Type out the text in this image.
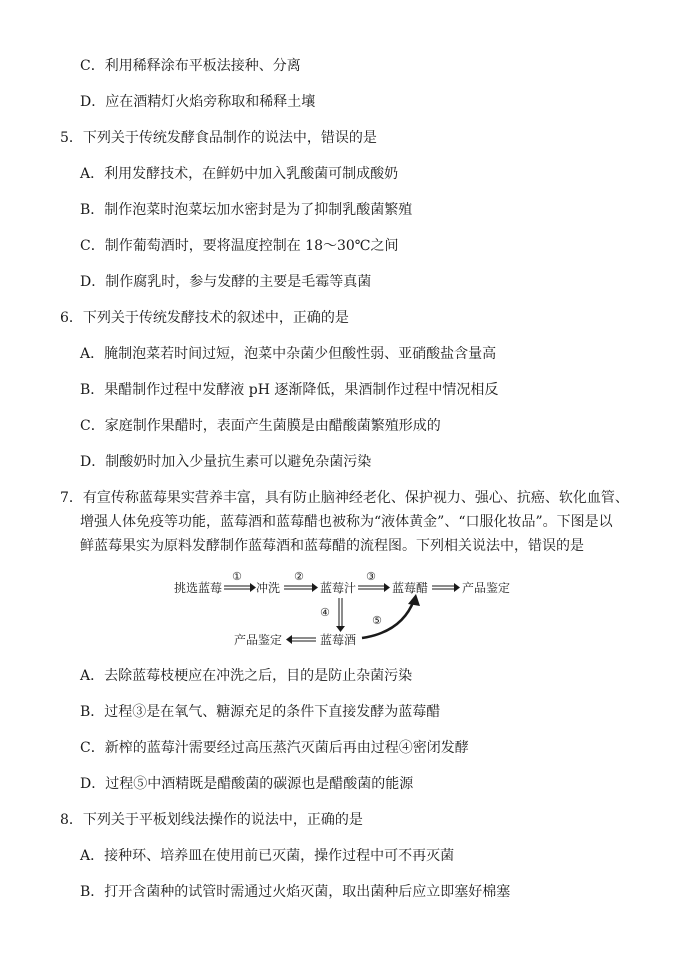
C．利用稀释涂布平板法接种、分离
D．应在酒精灯火焰旁称取和稀释土壤
5．下列关于传统发酵食品制作的说法中，错误的是
A．利用发酵技术，在鲜奶中加入乳酸菌可制成酸奶
B．制作泡菜时泡菜坛加水密封是为了抑制乳酸菌繁殖
C．制作葡萄酒时，要将温度控制在 18～30℃之间
D．制作腐乳时，参与发酵的主要是毛霉等真菌
6．下列关于传统发酵技术的叙述中，正确的是
A．腌制泡菜若时间过短，泡菜中杂菌少但酸性弱、亚硝酸盐含量高
B．果醋制作过程中发酵液 pH 逐渐降低，果酒制作过程中情况相反
C．家庭制作果醋时，表面产生菌膜是由醋酸菌繁殖形成的
D．制酸奶时加入少量抗生素可以避免杂菌污染
7．有宣传称蓝莓果实营养丰富，具有防止脑神经老化、保护视力、强心、抗癌、软化血管、
增强人体免疫等功能，蓝莓酒和蓝莓醋也被称为“液体黄金”、“口服化妆品”。下图是以
鲜蓝莓果实为原料发酵制作蓝莓酒和蓝莓醋的流程图。下列相关说法中，错误的是
挑选蓝莓	冲洗	蓝莓汁	蓝莓醋	产品鉴定
①	②	③
④
产品鉴定	蓝莓酒
⑤
A．去除蓝莓枝梗应在冲洗之后，目的是防止杂菌污染
B．过程③是在氧气、糖源充足的条件下直接发酵为蓝莓醋
C．新榨的蓝莓汁需要经过高压蒸汽灭菌后再由过程④密闭发酵
D．过程⑤中酒精既是醋酸菌的碳源也是醋酸菌的能源
8．下列关于平板划线法操作的说法中，正确的是
A．接种环、培养皿在使用前已灭菌，操作过程中可不再灭菌
B．打开含菌种的试管时需通过火焰灭菌，取出菌种后应立即塞好棉塞
